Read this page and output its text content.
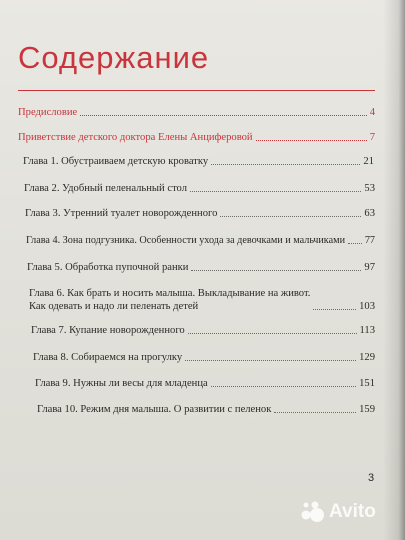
Содержание
Предисловие	4
Приветствие детского доктора Елены Анциферовой	7
Глава 1. Обустраиваем детскую кроватку	21
Глава 2. Удобный пеленальный стол	53
Глава 3. Утренний туалет новорожденного	63
Глава 4. Зона подгузника. Особенности ухода за девочками и мальчиками 77
Глава 5. Обработка пупочной ранки	97
Глава 6. Как брать и носить малыша. Выкладывание на живот.
Как одевать и надо ли пеленать детей	103
Глава 7. Купание новорожденного	113
Глава 8. Собираемся на прогулку	129
Глава 9. Нужны ли весы для младенца	151
Глава 10. Режим дня малыша. О развитии с пеленок	159
3
Avito
